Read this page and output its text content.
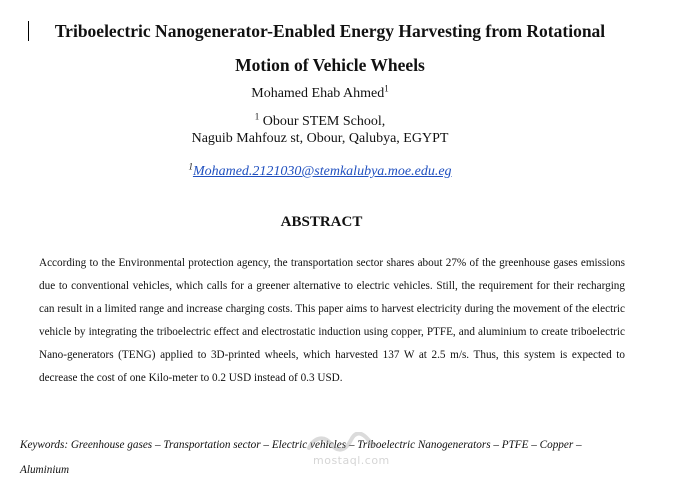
Triboelectric Nanogenerator-Enabled Energy Harvesting from Rotational
Motion of Vehicle Wheels
Mohamed Ehab Ahmed$^1$
$^1$ Obour STEM School,
Naguib Mahfouz st, Obour, Qalubya, EGYPT
$^1$Mohamed.2121030@stemkalubya.moe.edu.eg
ABSTRACT

According to the Environmental protection agency, the transportation sector shares about 27% of the greenhouse gases emissions due to conventional vehicles, which calls for a greener alternative to electric vehicles. Still, the requirement for their recharging can result in a limited range and increase charging costs. This paper aims to harvest electricity during the movement of the electric vehicle by integrating the triboelectric effect and electrostatic induction using copper, PTFE, and aluminium to create triboelectric Nano-generators (TENG) applied to 3D-printed wheels, which harvested 137 W at 2.5 m/s. Thus, this system is expected to decrease the cost of one Kilo-meter to 0.2 USD instead of 0.3 USD.

Keywords: Greenhouse gases – Transportation sector – Electric vehicles – Triboelectric Nanogenerators – PTFE – Copper – Aluminium

mostaql.com
